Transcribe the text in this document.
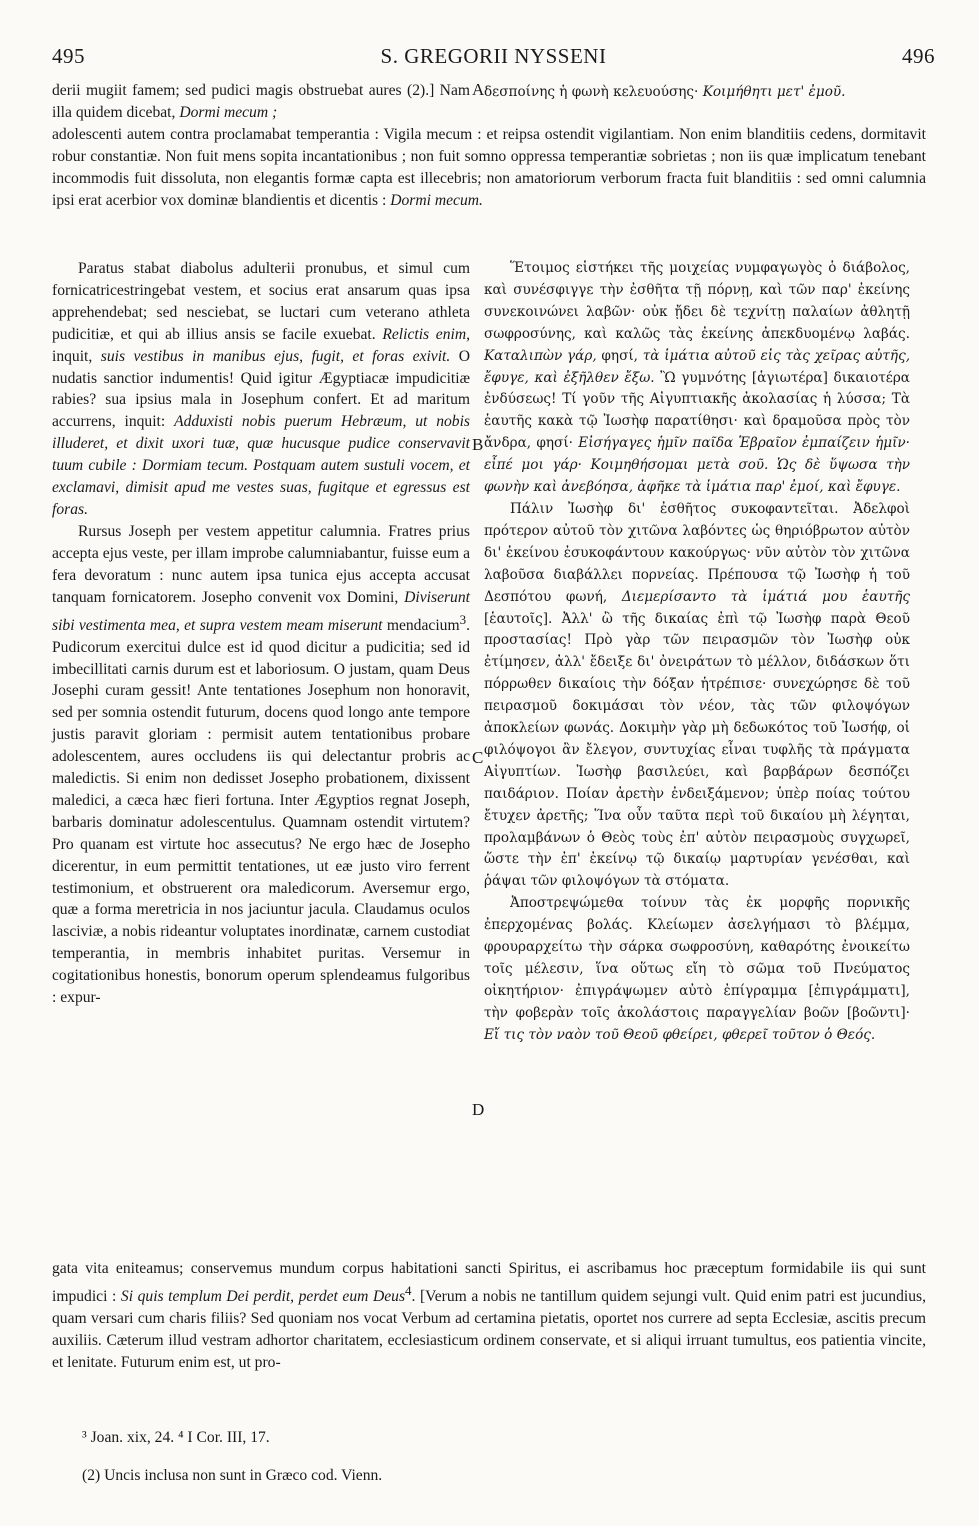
495	S. GREGORII NYSSENI	496

derii mugiit famem; sed pudici magis obstruebat aures (2).] Nam illa quidem dicebat, Dormi mecum ;

δεσποίνης ἡ φωνὴ κελευούσης· Κοιμήθητι μετ' ἐμοῦ.

adolescenti autem contra proclamabat temperantia : Vigila mecum : et reipsa ostendit vigilantiam. Non enim blanditiis cedens, dormitavit robur constantiæ. Non fuit mens sopita incantationibus ; non fuit somno oppressa temperantiæ sobrietas ; non iis quæ implicatum tenebant incommodis fuit dissoluta, non elegantis formæ capta est illecebris; non amatoriorum verborum fracta fuit blanditiis : sed omni calumnia ipsi erat acerbior vox dominæ blandientis et dicentis : Dormi mecum.

Paratus stabat diabolus adulterii pronubus, et simul cum fornicatricestringebat vestem, et socius erat ansarum quas ipsa apprehendebat; sed nesciebat, se luctari cum veterano athleta pudicitiæ, et qui ab illius ansis se facile exuebat. Relictis enim, inquit, suis vestibus in manibus ejus, fugit, et foras exivit. O nudatis sanctior indumentis! Quid igitur Ægyptiacæ impudicitiæ rabies? sua ipsius mala in Josephum confert. Et ad maritum accurrens, inquit: Adduxisti nobis puerum Hebræum, ut nobis illuderet, et dixit uxori tuæ, quæ hucusque pudice conservavit tuum cubile : Dormiam tecum. Postquam autem sustuli vocem, et exclamavi, dimisit apud me vestes suas, fugitque et egressus est foras.

Rursus Joseph per vestem appetitur calumnia. Fratres prius accepta ejus veste, per illam improbe calumniabantur, fuisse eum a fera devoratum : nunc autem ipsa tunica ejus accepta accusat tanquam fornicatorem. Josepho convenit vox Domini, Diviserunt sibi vestimenta mea, et supra vestem meam miserunt mendacium$^3$. Pudicorum exercitui dulce est id quod dicitur a pudicitia; sed id imbecillitati carnis durum est et laboriosum. O justam, quam Deus Josephi curam gessit! Ante tentationes Josephum non honoravit, sed per somnia ostendit futurum, docens quod longo ante tempore justis paravit gloriam : permisit autem tentationibus probare adolescentem, aures occludens iis qui delectantur probris ac maledictis. Si enim non dedisset Josepho probationem, dixissent maledici, a cæca hæc fieri fortuna. Inter Ægyptios regnat Joseph, barbaris dominatur adolescentulus. Quamnam ostendit virtutem? Pro quanam est virtute hoc assecutus? Ne ergo hæc de Josepho dicerentur, in eum permittit tentationes, ut eæ justo viro ferrent testimonium, et obstruerent ora maledicorum. Aversemur ergo, quæ a forma meretricia in nos jaciuntur jacula. Claudamus oculos lasciviæ, a nobis rideantur voluptates inordinatæ, carnem custodiat temperantia, in membris inhabitet puritas. Versemur in cogitationibus honestis, bonorum operum splendeamus fulgoribus : expur-

Ἕτοιμος εἱστήκει τῆς μοιχείας νυμφαγωγὸς ὁ διάβολος, καὶ συνέσφιγγε τὴν ἐσθῆτα τῇ πόρνῃ, καὶ τῶν παρ' ἐκείνης συνεκοινώνει λαβῶν· οὐκ ᾔδει δὲ τεχνίτῃ παλαίων ἀθλητῇ σωφροσύνης, καὶ καλῶς τὰς ἐκείνης ἀπεκδυομένῳ λαβάς. Καταλιπὼν γάρ, φησί, τὰ ἱμάτια αὐτοῦ εἰς τὰς χεῖρας αὐτῆς, ἔφυγε, καὶ ἐξῆλθεν ἔξω. Ὢ γυμνότης [ἁγιωτέρα] δικαιοτέρα ἐνδύσεως! Τί γοῦν τῆς Αἰγυπτιακῆς ἀκολασίας ἡ λύσσα; Τὰ ἑαυτῆς κακὰ τῷ Ἰωσὴφ παρατίθησι· καὶ δραμοῦσα πρὸς τὸν ἄνδρα, φησί· Εἰσήγαγες ἡμῖν παῖδα Ἑβραῖον ἐμπαίζειν ἡμῖν· εἶπέ μοι γάρ· Κοιμηθήσομαι μετὰ σοῦ. Ὡς δὲ ὕψωσα τὴν φωνὴν καὶ ἀνεβόησα, ἀφῆκε τὰ ἱμάτια παρ' ἐμοί, καὶ ἔφυγε.

Πάλιν Ἰωσὴφ δι' ἐσθῆτος συκοφαντεῖται. Ἀδελφοὶ πρότερον αὐτοῦ τὸν χιτῶνα λαβόντες ὡς θηριόβρωτον αὐτὸν δι' ἐκείνου ἐσυκοφάντουν κακούργως· νῦν αὐτὸν τὸν χιτῶνα λαβοῦσα διαβάλλει πορνείας. Πρέπουσα τῷ Ἰωσὴφ ἡ τοῦ Δεσπότου φωνή, Διεμερίσαντο τὰ ἱμάτιά μου ἑαυτῆς [ἑαυτοῖς]. Ἀλλ' ὢ τῆς δικαίας ἐπὶ τῷ Ἰωσὴφ παρὰ Θεοῦ προστασίας! Πρὸ γὰρ τῶν πειρασμῶν τὸν Ἰωσὴφ οὐκ ἐτίμησεν, ἀλλ' ἔδειξε δι' ὀνειράτων τὸ μέλλον, διδάσκων ὅτι πόρρωθεν δικαίοις τὴν δόξαν ἡτρέπισε· συνεχώρησε δὲ τοῦ πειρασμοῦ δοκιμάσαι τὸν νέον, τὰς τῶν φιλοψόγων ἀποκλείων φωνάς. Δοκιμὴν γὰρ μὴ δεδωκότος τοῦ Ἰωσήφ, οἱ φιλόψογοι ἂν ἔλεγον, συντυχίας εἶναι τυφλῆς τὰ πράγματα Αἰγυπτίων. Ἰωσὴφ βασιλεύει, καὶ βαρβάρων δεσπόζει παιδάριον. Ποίαν ἀρετὴν ἐνδειξάμενον; ὑπὲρ ποίας τούτου ἔτυχεν ἀρετῆς; Ἵνα οὖν ταῦτα περὶ τοῦ δικαίου μὴ λέγηται, προλαμβάνων ὁ Θεὸς τοὺς ἐπ' αὐτὸν πειρασμοὺς συγχωρεῖ, ὥστε τὴν ἐπ' ἐκείνῳ τῷ δικαίῳ μαρτυρίαν γενέσθαι, καὶ ῥάψαι τῶν φιλοψόγων τὰ στόματα.

Ἀποστρεψώμεθα τοίνυν τὰς ἐκ μορφῆς πορνικῆς ἐπερχομένας βολάς. Κλείωμεν ἀσελγήμασι τὸ βλέμμα, φρουραρχείτω τὴν σάρκα σωφροσύνη, καθαρότης ἐνοικείτω τοῖς μέλεσιν, ἵνα οὕτως εἴη τὸ σῶμα τοῦ Πνεύματος οἰκητήριον· ἐπιγράψωμεν αὐτὸ ἐπίγραμμα [ἐπιγράμματι], τὴν φοβερὰν τοῖς ἀκολάστοις παραγγελίαν βοῶν [βοῶντι]· Εἴ τις τὸν ναὸν τοῦ Θεοῦ φθείρει, φθερεῖ τοῦτον ὁ Θεός.

A
B
C
D

gata vita eniteamus; conservemus mundum corpus habitationi sancti Spiritus, ei ascribamus hoc præceptum formidabile iis qui sunt impudici : Si quis templum Dei perdit, perdet eum Deus$^4$. [Verum a nobis ne tantillum quidem sejungi vult. Quid enim patri est jucundius, quam versari cum charis filiis? Sed quoniam nos vocat Verbum ad certamina pietatis, oportet nos currere ad septa Ecclesiæ, ascitis precum auxiliis. Cæterum illud vestram adhortor charitatem, ecclesiasticum ordinem conservate, et si aliqui irruant tumultus, eos patientia vincite, et lenitate. Futurum enim est, ut pro-

³ Joan. xix, 24. ⁴ I Cor. III, 17.
(2) Uncis inclusa non sunt in Græco cod. Vienn.
